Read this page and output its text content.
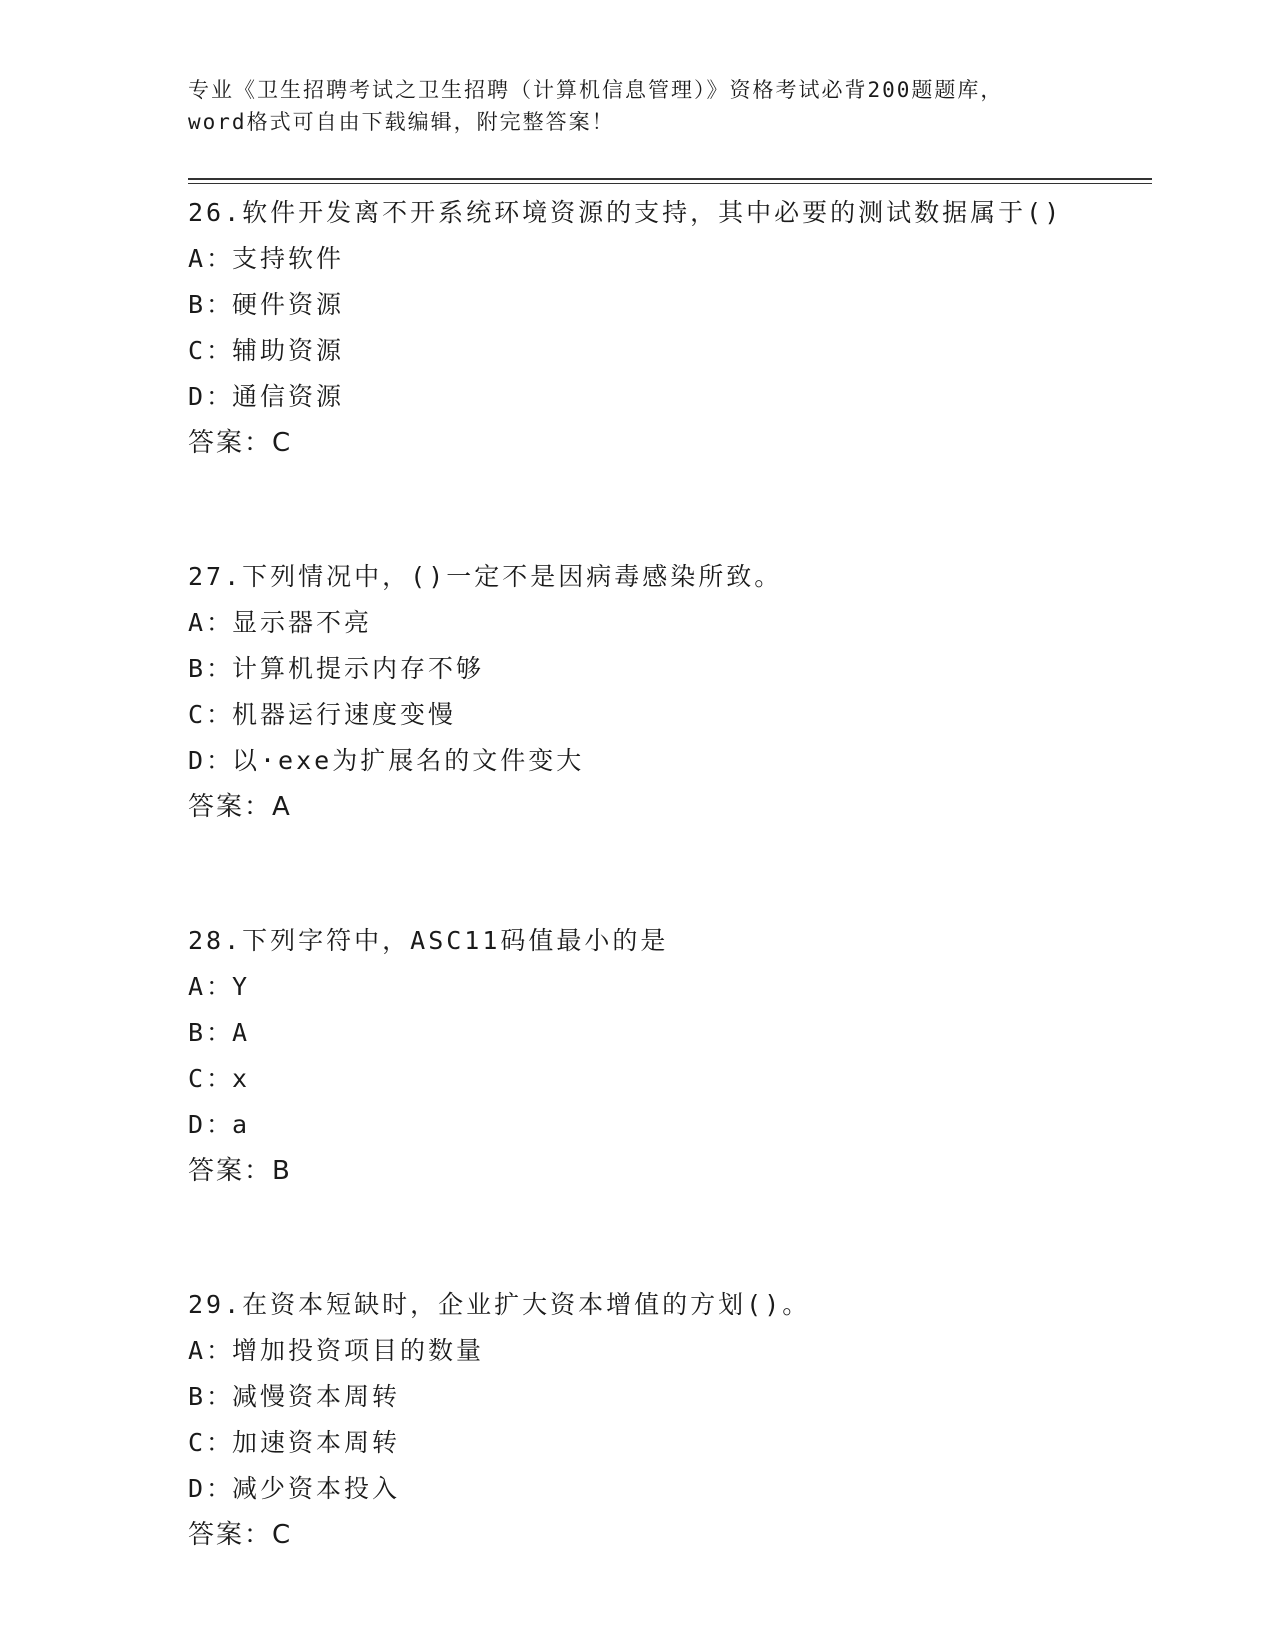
专业《卫生招聘考试之卫生招聘（计算机信息管理）》资格考试必背200题题库，
word格式可自由下载编辑，附完整答案！
26.软件开发离不开系统环境资源的支持，其中必要的测试数据属于()
A：支持软件
B：硬件资源
C：辅助资源
D：通信资源
答案：C
27.下列情况中，()一定不是因病毒感染所致。
A：显示器不亮
B：计算机提示内存不够
C：机器运行速度变慢
D：以·exe为扩展名的文件变大
答案：A
28.下列字符中，ASC11码值最小的是
A：Y
B：A
C：x
D：a
答案：B
29.在资本短缺时，企业扩大资本增值的方划()。
A：增加投资项目的数量
B：减慢资本周转
C：加速资本周转
D：减少资本投入
答案：C
